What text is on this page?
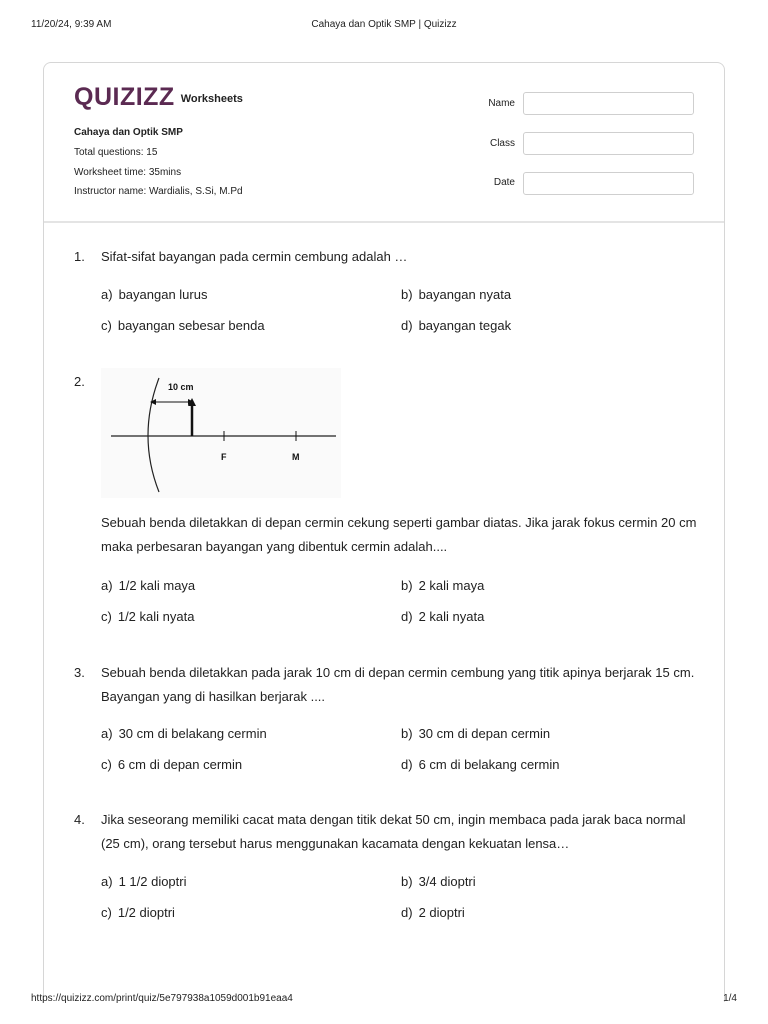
11/20/24, 9:39 AM	Cahaya dan Optik SMP | Quizizz
QUIZIZZ Worksheets
Cahaya dan Optik SMP
Total questions: 15
Worksheet time: 35mins
Instructor name: Wardialis, S.Si, M.Pd
Name
Class
Date
1. Sifat-sifat bayangan pada cermin cembung adalah …
a) bayangan lurus	b) bayangan nyata
c) bayangan sebesar benda	d) bayangan tegak
2.	10 cm
F	M
Sebuah benda diletakkan di depan cermin cekung seperti gambar diatas. Jika jarak fokus cermin 20 cm
maka perbesaran bayangan yang dibentuk cermin adalah....
a) 1/2 kali maya	b) 2 kali maya
c) 1/2 kali nyata	d) 2 kali nyata
3. Sebuah benda diletakkan pada jarak 10 cm di depan cermin cembung yang titik apinya berjarak 15 cm.
Bayangan yang di hasilkan berjarak ....
a) 30 cm di belakang cermin	b) 30 cm di depan cermin
c) 6 cm di depan cermin	d) 6 cm di belakang cermin
4. Jika seseorang memiliki cacat mata dengan titik dekat 50 cm, ingin membaca pada jarak baca normal
(25 cm), orang tersebut harus menggunakan kacamata dengan kekuatan lensa…
a) 1 1/2 dioptri	b) 3/4 dioptri
c) 1/2 dioptri	d) 2 dioptri
https://quizizz.com/print/quiz/5e797938a1059d001b91eaa4	1/4
